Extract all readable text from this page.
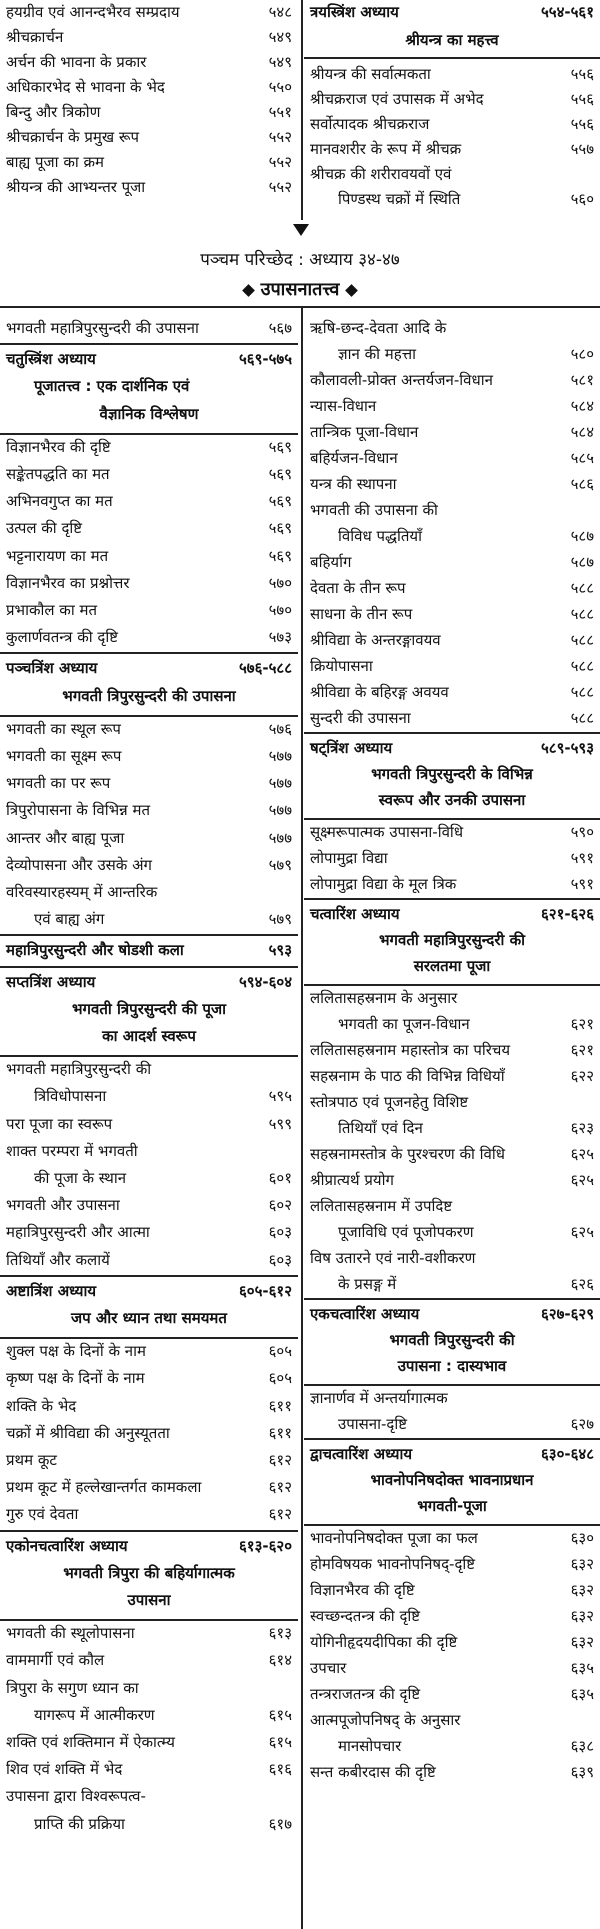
हयग्रीव एवं आनन्दभैरव सम्प्रदाय	५४८
श्रीचक्रार्चन	५४९
अर्चन की भावना के प्रकार	५४९
अधिकारभेद से भावना के भेद	५५०
बिन्दु और त्रिकोण	५५१
श्रीचक्रार्चन के प्रमुख रूप	५५२
बाह्य पूजा का क्रम	५५२
श्रीयन्त्र की आभ्यन्तर पूजा	५५२
त्रयस्त्रिंश अध्याय	५५४-५६१
श्रीयन्त्र का महत्त्व
श्रीयन्त्र की सर्वात्मकता	५५६
श्रीचक्रराज एवं उपासक में अभेद	५५६
सर्वोत्पादक श्रीचक्रराज	५५६
मानवशरीर के रूप में श्रीचक्र	५५७
श्रीचक्र की शरीरावयवों एवं
पिण्डस्थ चक्रों में स्थिति	५६०
पञ्चम परिच्छेद : अध्याय ३४-४७
उपासनातत्त्व
भगवती महात्रिपुरसुन्दरी की उपासना	५६७
चतुस्त्रिंश अध्याय	५६९-५७५
पूजातत्त्व : एक दार्शनिक एवं
वैज्ञानिक विश्लेषण
विज्ञानभैरव की दृष्टि	५६९
सङ्केतपद्धति का मत	५६९
अभिनवगुप्त का मत	५६९
उत्पल की दृष्टि	५६९
भट्टनारायण का मत	५६९
विज्ञानभैरव का प्रश्नोत्तर	५७०
प्रभाकौल का मत	५७०
कुलार्णवतन्त्र की दृष्टि	५७३
पञ्चत्रिंश अध्याय	५७६-५८८
भगवती त्रिपुरसुन्दरी की उपासना
भगवती का स्थूल रूप	५७६
भगवती का सूक्ष्म रूप	५७७
भगवती का पर रूप	५७७
त्रिपुरोपासना के विभिन्न मत	५७७
आन्तर और बाह्य पूजा	५७७
देव्योपासना और उसके अंग	५७९
वरिवस्यारहस्यम् में आन्तरिक
एवं बाह्य अंग	५७९
महात्रिपुरसुन्दरी और षोडशी कला	५९३
सप्तत्रिंश अध्याय	५९४-६०४
भगवती त्रिपुरसुन्दरी की पूजा
का आदर्श स्वरूप
भगवती महात्रिपुरसुन्दरी की
त्रिविधोपासना	५९५
परा पूजा का स्वरूप	५९९
शाक्त परम्परा में भगवती
की पूजा के स्थान	६०१
भगवती और उपासना	६०२
महात्रिपुरसुन्दरी और आत्मा	६०३
तिथियाँ और कलायें	६०३
अष्टात्रिंश अध्याय	६०५-६१२
जप और ध्यान तथा समयमत
शुक्ल पक्ष के दिनों के नाम	६०५
कृष्ण पक्ष के दिनों के नाम	६०५
शक्ति के भेद	६११
चक्रों में श्रीविद्या की अनुस्यूतता	६११
प्रथम कूट	६१२
प्रथम कूट में हल्लेखान्तर्गत कामकला	६१२
गुरु एवं देवता	६१२
एकोनचत्वारिंश अध्याय	६१३-६२०
भगवती त्रिपुरा की बहिर्यागात्मक
उपासना
भगवती की स्थूलोपासना	६१३
वाममार्गी एवं कौल	६१४
त्रिपुरा के सगुण ध्यान का
यागरूप में आत्मीकरण	६१५
शक्ति एवं शक्तिमान में ऐकात्म्य	६१५
शिव एवं शक्ति में भेद	६१६
उपासना द्वारा विश्वरूपत्व-
प्राप्ति की प्रक्रिया	६१७
ऋषि-छन्द-देवता आदि के
ज्ञान की महत्ता	५८०
कौलावली-प्रोक्त अन्तर्यजन-विधान	५८१
न्यास-विधान	५८४
तान्त्रिक पूजा-विधान	५८४
बहिर्यजन-विधान	५८५
यन्त्र की स्थापना	५८६
भगवती की उपासना की
विविध पद्धतियाँ	५८७
बहिर्याग	५८७
देवता के तीन रूप	५८८
साधना के तीन रूप	५८८
श्रीविद्या के अन्तरङ्गावयव	५८८
क्रियोपासना	५८८
श्रीविद्या के बहिरङ्ग अवयव	५८८
सुन्दरी की उपासना	५८८
षट्त्रिंश अध्याय	५८९-५९३
भगवती त्रिपुरसुन्दरी के विभिन्न
स्वरूप और उनकी उपासना
सूक्ष्मरूपात्मक उपासना-विधि	५९०
लोपामुद्रा विद्या	५९१
लोपामुद्रा विद्या के मूल त्रिक	५९१
चत्वारिंश अध्याय	६२१-६२६
भगवती महात्रिपुरसुन्दरी की
सरलतमा पूजा
ललितासहस्रनाम के अनुसार
भगवती का पूजन-विधान	६२१
ललितासहस्रनाम महास्तोत्र का परिचय	६२१
सहस्रनाम के पाठ की विभिन्न विधियाँ	६२२
स्तोत्रपाठ एवं पूजनहेतु विशिष्ट
तिथियाँ एवं दिन	६२३
सहस्रनामस्तोत्र के पुरश्चरण की विधि	६२५
श्रीप्रात्यर्थ प्रयोग	६२५
ललितासहस्रनाम में उपदिष्ट
पूजाविधि एवं पूजोपकरण	६२५
विष उतारने एवं नारी-वशीकरण
के प्रसङ्ग में	६२६
एकचत्वारिंश अध्याय	६२७-६२९
भगवती त्रिपुरसुन्दरी की
उपासना : दास्यभाव
ज्ञानार्णव में अन्तर्यागात्मक
उपासना-दृष्टि	६२७
द्वाचत्वारिंश अध्याय	६३०-६४८
भावनोपनिषदोक्त भावनाप्रधान
भगवती-पूजा
भावनोपनिषदोक्त पूजा का फल	६३०
होमविषयक भावनोपनिषद्-दृष्टि	६३२
विज्ञानभैरव की दृष्टि	६३२
स्वच्छन्दतन्त्र की दृष्टि	६३२
योगिनीहृदयदीपिका की दृष्टि	६३२
उपचार	६३५
तन्त्रराजतन्त्र की दृष्टि	६३५
आत्मपूजोपनिषद् के अनुसार
मानसोपचार	६३८
सन्त कबीरदास की दृष्टि	६३९
